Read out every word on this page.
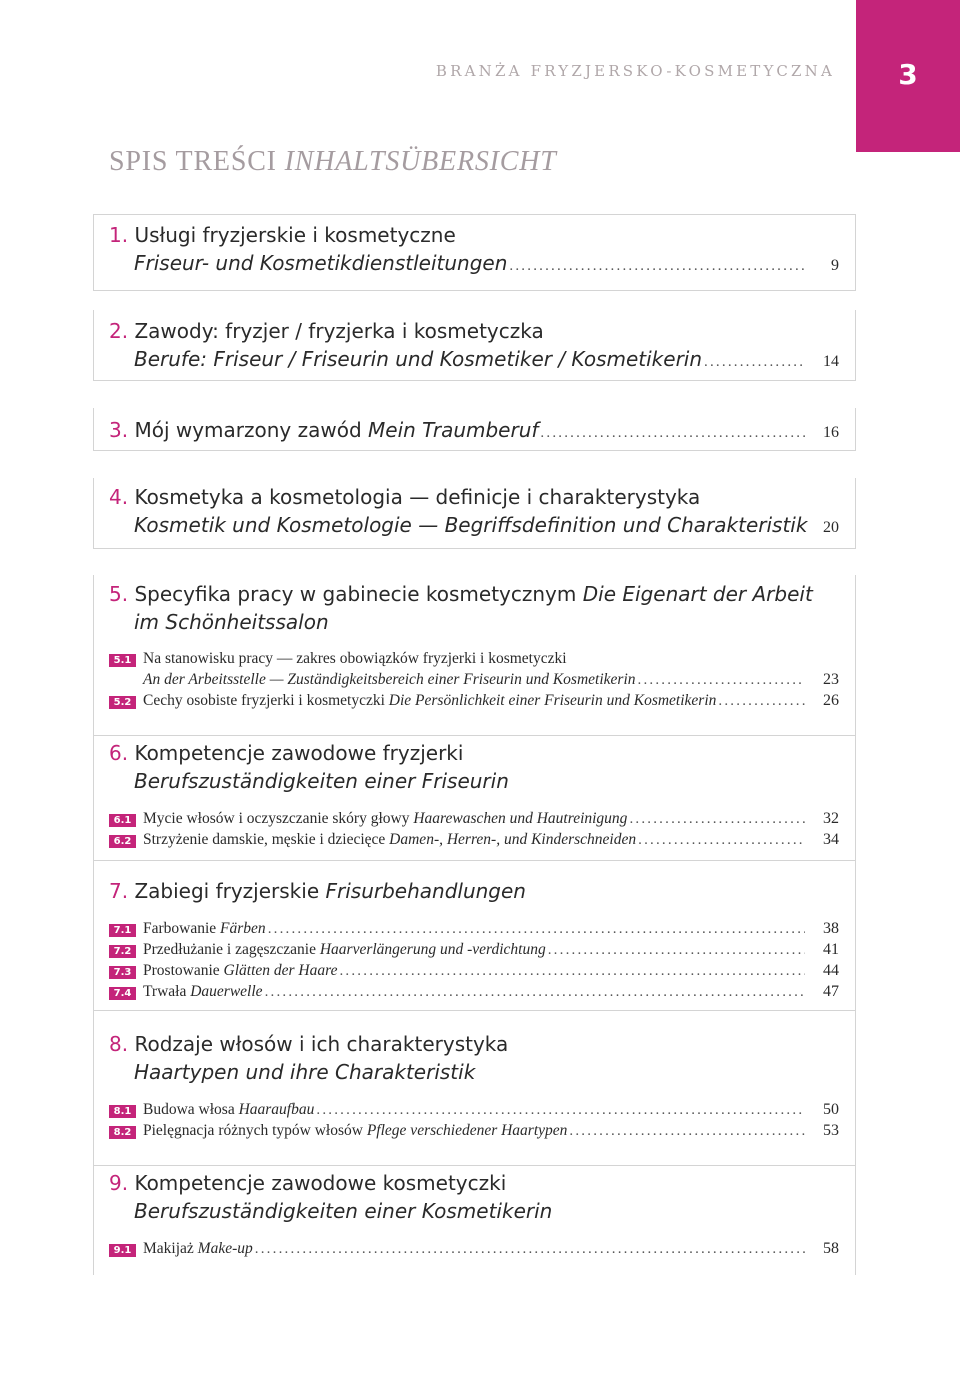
BRANŻA FRYZJERSKO-KOSMETYCZNA	3
SPIS TREŚCI INHALTSÜBERSICHT
1. Usługi fryzjerskie i kosmetyczne
Friseur- und Kosmetikdienstleitungen .....	9
2. Zawody: fryzjer / fryzjerka i kosmetyczka
Berufe: Friseur / Friseurin und Kosmetiker / Kosmetikerin .....	14
3. Mój wymarzony zawód Mein Traumberuf .....	16
4. Kosmetyka a kosmetologia — definicje i charakterystyka
Kosmetik und Kosmetologie — Begriffsdefinition und Charakteristik 20
5. Specyfika pracy w gabinecie kosmetycznym Die Eigenart der Arbeit
im Schönheitssalon
5.1 Na stanowisku pracy — zakres obowiązków fryzjerki i kosmetyczki
An der Arbeitsstelle — Zuständigkeitsbereich einer Friseurin und Kosmetikerin .....	23
5.2 Cechy osobiste fryzjerki i kosmetyczki Die Persönlichkeit einer Friseurin und Kosmetikerin .....	26
6. Kompetencje zawodowe fryzjerki
Berufszuständigkeiten einer Friseurin
6.1 Mycie włosów i oczyszczanie skóry głowy Haarewaschen und Hautreinigung .....	32
6.2 Strzyżenie damskie, męskie i dziecięce Damen-, Herren-, und Kinderschneiden .....	34
7. Zabiegi fryzjerskie Frisurbehandlungen
7.1 Farbowanie Färben .....	38
7.2 Przedłużanie i zagęszczanie Haarverlängerung und -verdichtung .....	41
7.3 Prostowanie Glätten der Haare .....	44
7.4 Trwała Dauerwelle .....	47
8. Rodzaje włosów i ich charakterystyka
Haartypen und ihre Charakteristik
8.1 Budowa włosa Haaraufbau .....	50
8.2 Pielęgnacja różnych typów włosów Pflege verschiedener Haartypen .....	53
9. Kompetencje zawodowe kosmetyczki
Berufszuständigkeiten einer Kosmetikerin
9.1 Makijaż Make-up .....	58
